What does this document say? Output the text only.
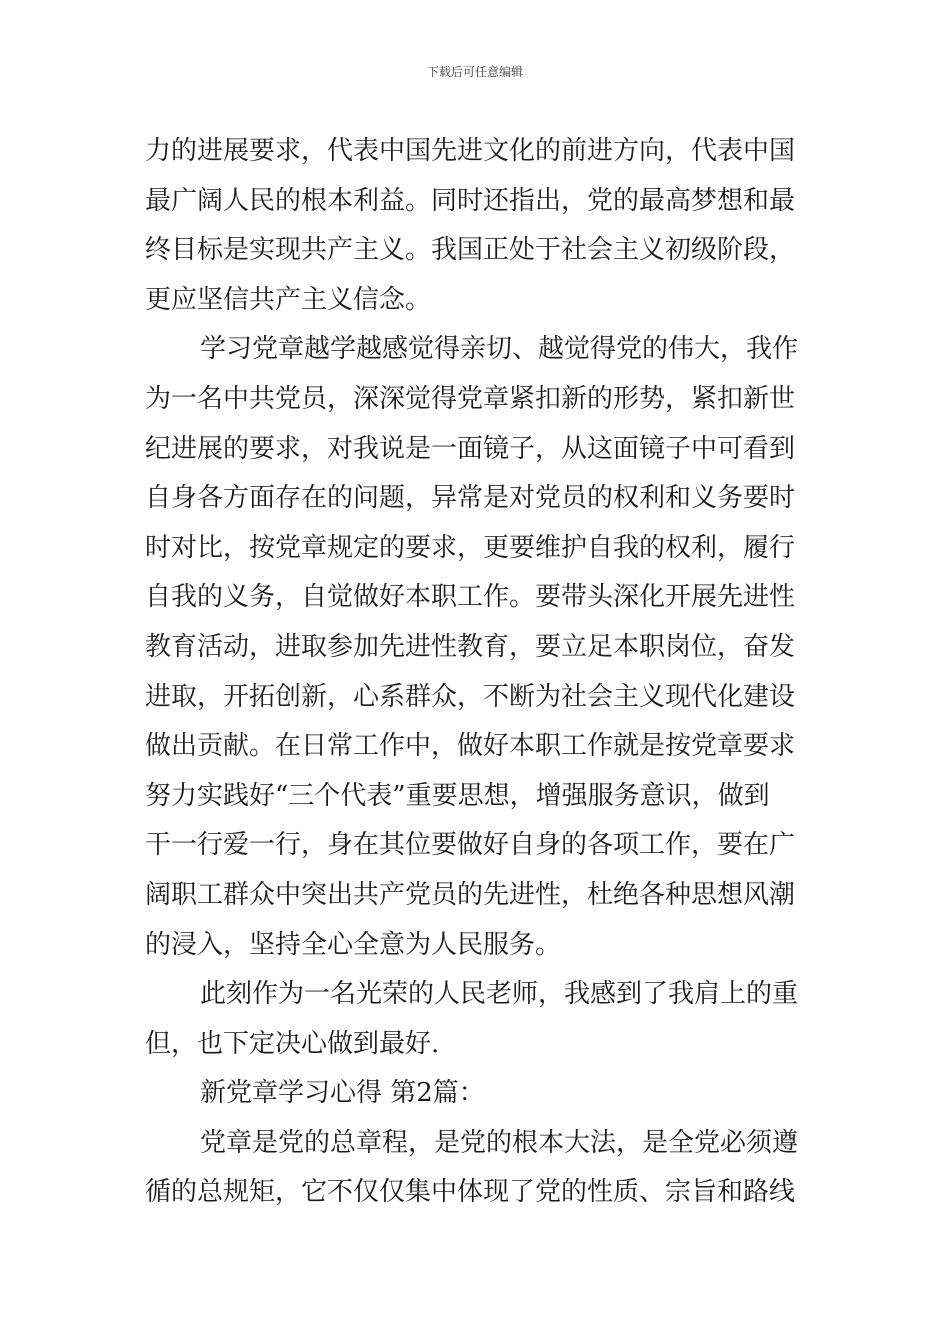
下载后可任意编辑
力的进展要求，代表中国先进文化的前进方向，代表中国
最广阔人民的根本利益。同时还指出，党的最高梦想和最
终目标是实现共产主义。我国正处于社会主义初级阶段，
更应坚信共产主义信念。
学习党章越学越感觉得亲切、越觉得党的伟大，我作
为一名中共党员，深深觉得党章紧扣新的形势，紧扣新世
纪进展的要求，对我说是一面镜子，从这面镜子中可看到
自身各方面存在的问题，异常是对党员的权利和义务要时
时对比，按党章规定的要求，更要维护自我的权利，履行
自我的义务，自觉做好本职工作。要带头深化开展先进性
教育活动，进取参加先进性教育，要立足本职岗位，奋发
进取，开拓创新，心系群众，不断为社会主义现代化建设
做出贡献。在日常工作中，做好本职工作就是按党章要求
努力实践好“三个代表”重要思想，增强服务意识，做到
干一行爱一行，身在其位要做好自身的各项工作，要在广
阔职工群众中突出共产党员的先进性，杜绝各种思想风潮
的浸入，坚持全心全意为人民服务。
此刻作为一名光荣的人民老师，我感到了我肩上的重
但，也下定决心做到最好.
新党章学习心得 第2篇：
党章是党的总章程，是党的根本大法，是全党必须遵
循的总规矩，它不仅仅集中体现了党的性质、宗旨和路线
